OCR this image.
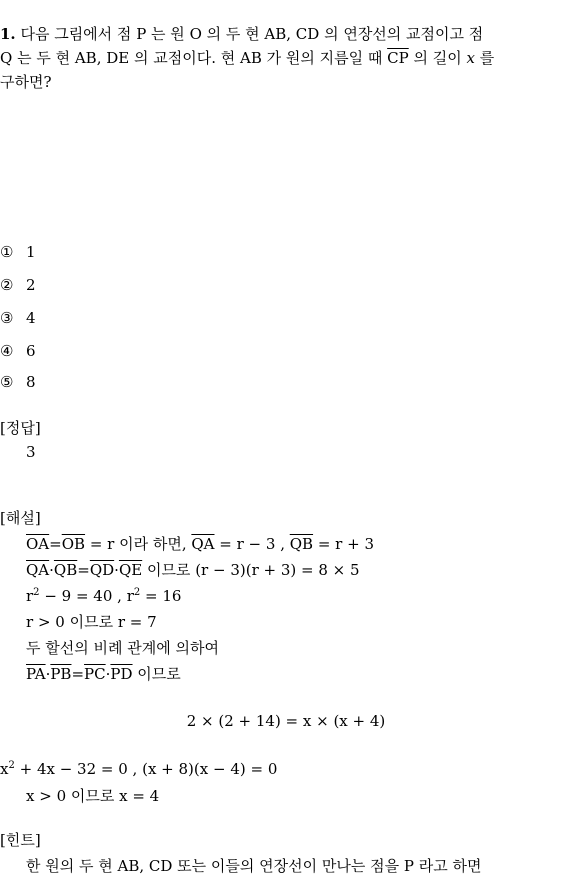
1. 다음 그림에서 점 P 는 원 O 의 두 현 AB, CD 의 연장선의 교점이고 점
Q 는 두 현 AB, DE 의 교점이다. 현 AB 가 원의 지름일 때 $\overline{CP}$ 의 길이 x 를
구하면?
① 1
② 2
③ 4
④ 6
⑤ 8
[정답]
3
[해설]
$\overline{OA}=\overline{OB} = r$ 이라 하면, $\overline{QA} = r - 3$ , $\overline{QB} = r + 3$
$\overline{QA}\cdot\overline{QB}=\overline{QD}\cdot\overline{QE}$ 이므로 (r − 3)(r + 3) = 8 × 5
$r^2 - 9 = 40$ , $r^2 = 16$
r > 0 이므로 r = 7
두 할선의 비례 관계에 의하여
$\overline{PA}\cdot\overline{PB}=\overline{PC}\cdot\overline{PD}$ 이므로
2 × (2 + 14) = x × (x + 4)
$x^2 + 4x - 32 = 0$ , (x + 8)(x − 4) = 0
x > 0 이므로 x = 4
[힌트]
한 원의 두 현 AB, CD 또는 이들의 연장선이 만나는 점을 P 라고 하면
